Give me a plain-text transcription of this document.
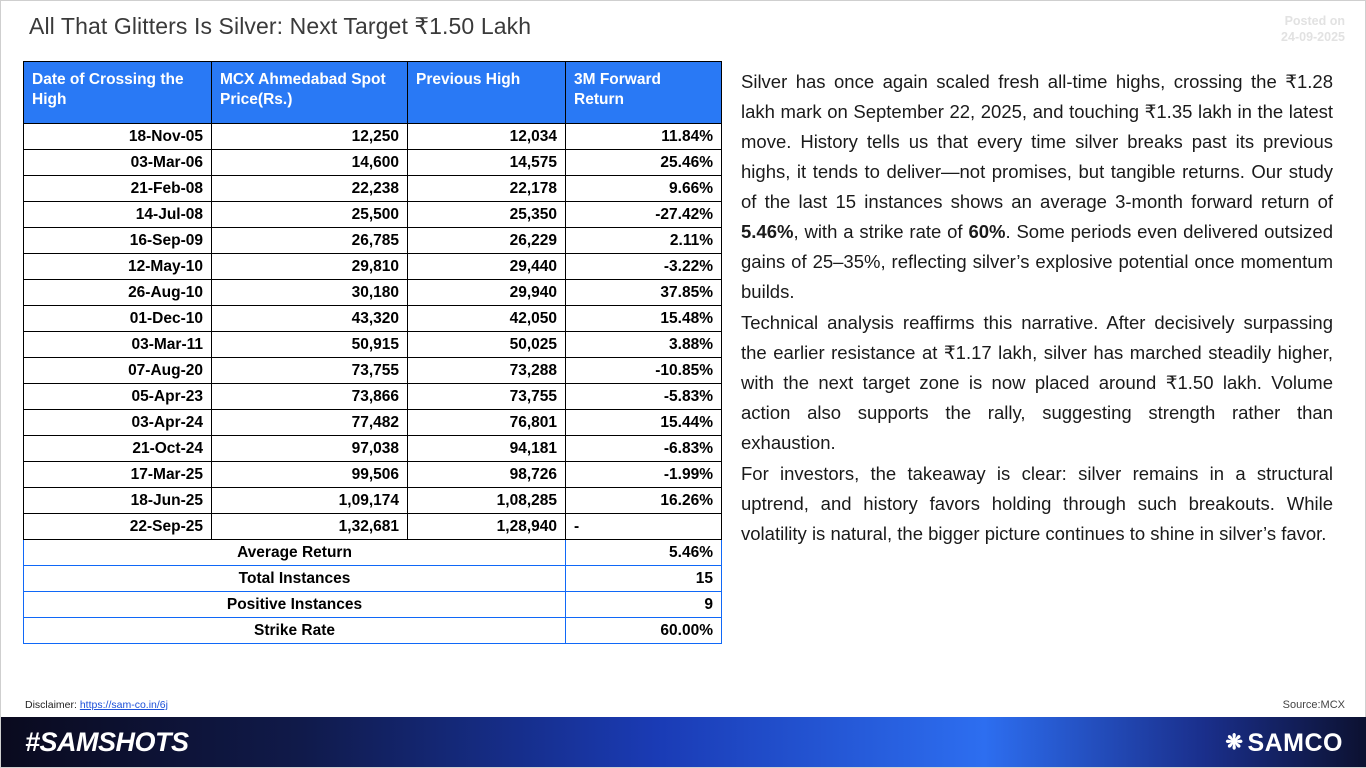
All That Glitters Is Silver: Next Target ₹1.50 Lakh	Posted on
24-09-2025
Date of Crossing the High	MCX Ahmedabad Spot Price(Rs.)	Previous High	3M Forward Return
18-Nov-05	12,250	12,034	11.84%
03-Mar-06	14,600	14,575	25.46%
21-Feb-08	22,238	22,178	9.66%
14-Jul-08	25,500	25,350	-27.42%
16-Sep-09	26,785	26,229	2.11%
12-May-10	29,810	29,440	-3.22%
26-Aug-10	30,180	29,940	37.85%
01-Dec-10	43,320	42,050	15.48%
03-Mar-11	50,915	50,025	3.88%
07-Aug-20	73,755	73,288	-10.85%
05-Apr-23	73,866	73,755	-5.83%
03-Apr-24	77,482	76,801	15.44%
21-Oct-24	97,038	94,181	-6.83%
17-Mar-25	99,506	98,726	-1.99%
18-Jun-25	1,09,174	1,08,285	16.26%
22-Sep-25	1,32,681	1,28,940	-
Average Return			5.46%
Total Instances			15
Positive Instances			9
Strike Rate			60.00%

Silver has once again scaled fresh all-time highs, crossing the ₹1.28 lakh mark on September 22, 2025, and touching ₹1.35 lakh in the latest move. History tells us that every time silver breaks past its previous highs, it tends to deliver—not promises, but tangible returns. Our study of the last 15 instances shows an average 3-month forward return of 5.46%, with a strike rate of 60%. Some periods even delivered outsized gains of 25–35%, reflecting silver’s explosive potential once momentum builds.

Technical analysis reaffirms this narrative. After decisively surpassing the earlier resistance at ₹1.17 lakh, silver has marched steadily higher, with the next target zone is now placed around ₹1.50 lakh. Volume action also supports the rally, suggesting strength rather than exhaustion.

For investors, the takeaway is clear: silver remains in a structural uptrend, and history favors holding through such breakouts. While volatility is natural, the bigger picture continues to shine in silver’s favor.

Disclaimer: https://sam-co.in/6j	Source:MCX
#SAMSHOTS	❋ SAMCO
